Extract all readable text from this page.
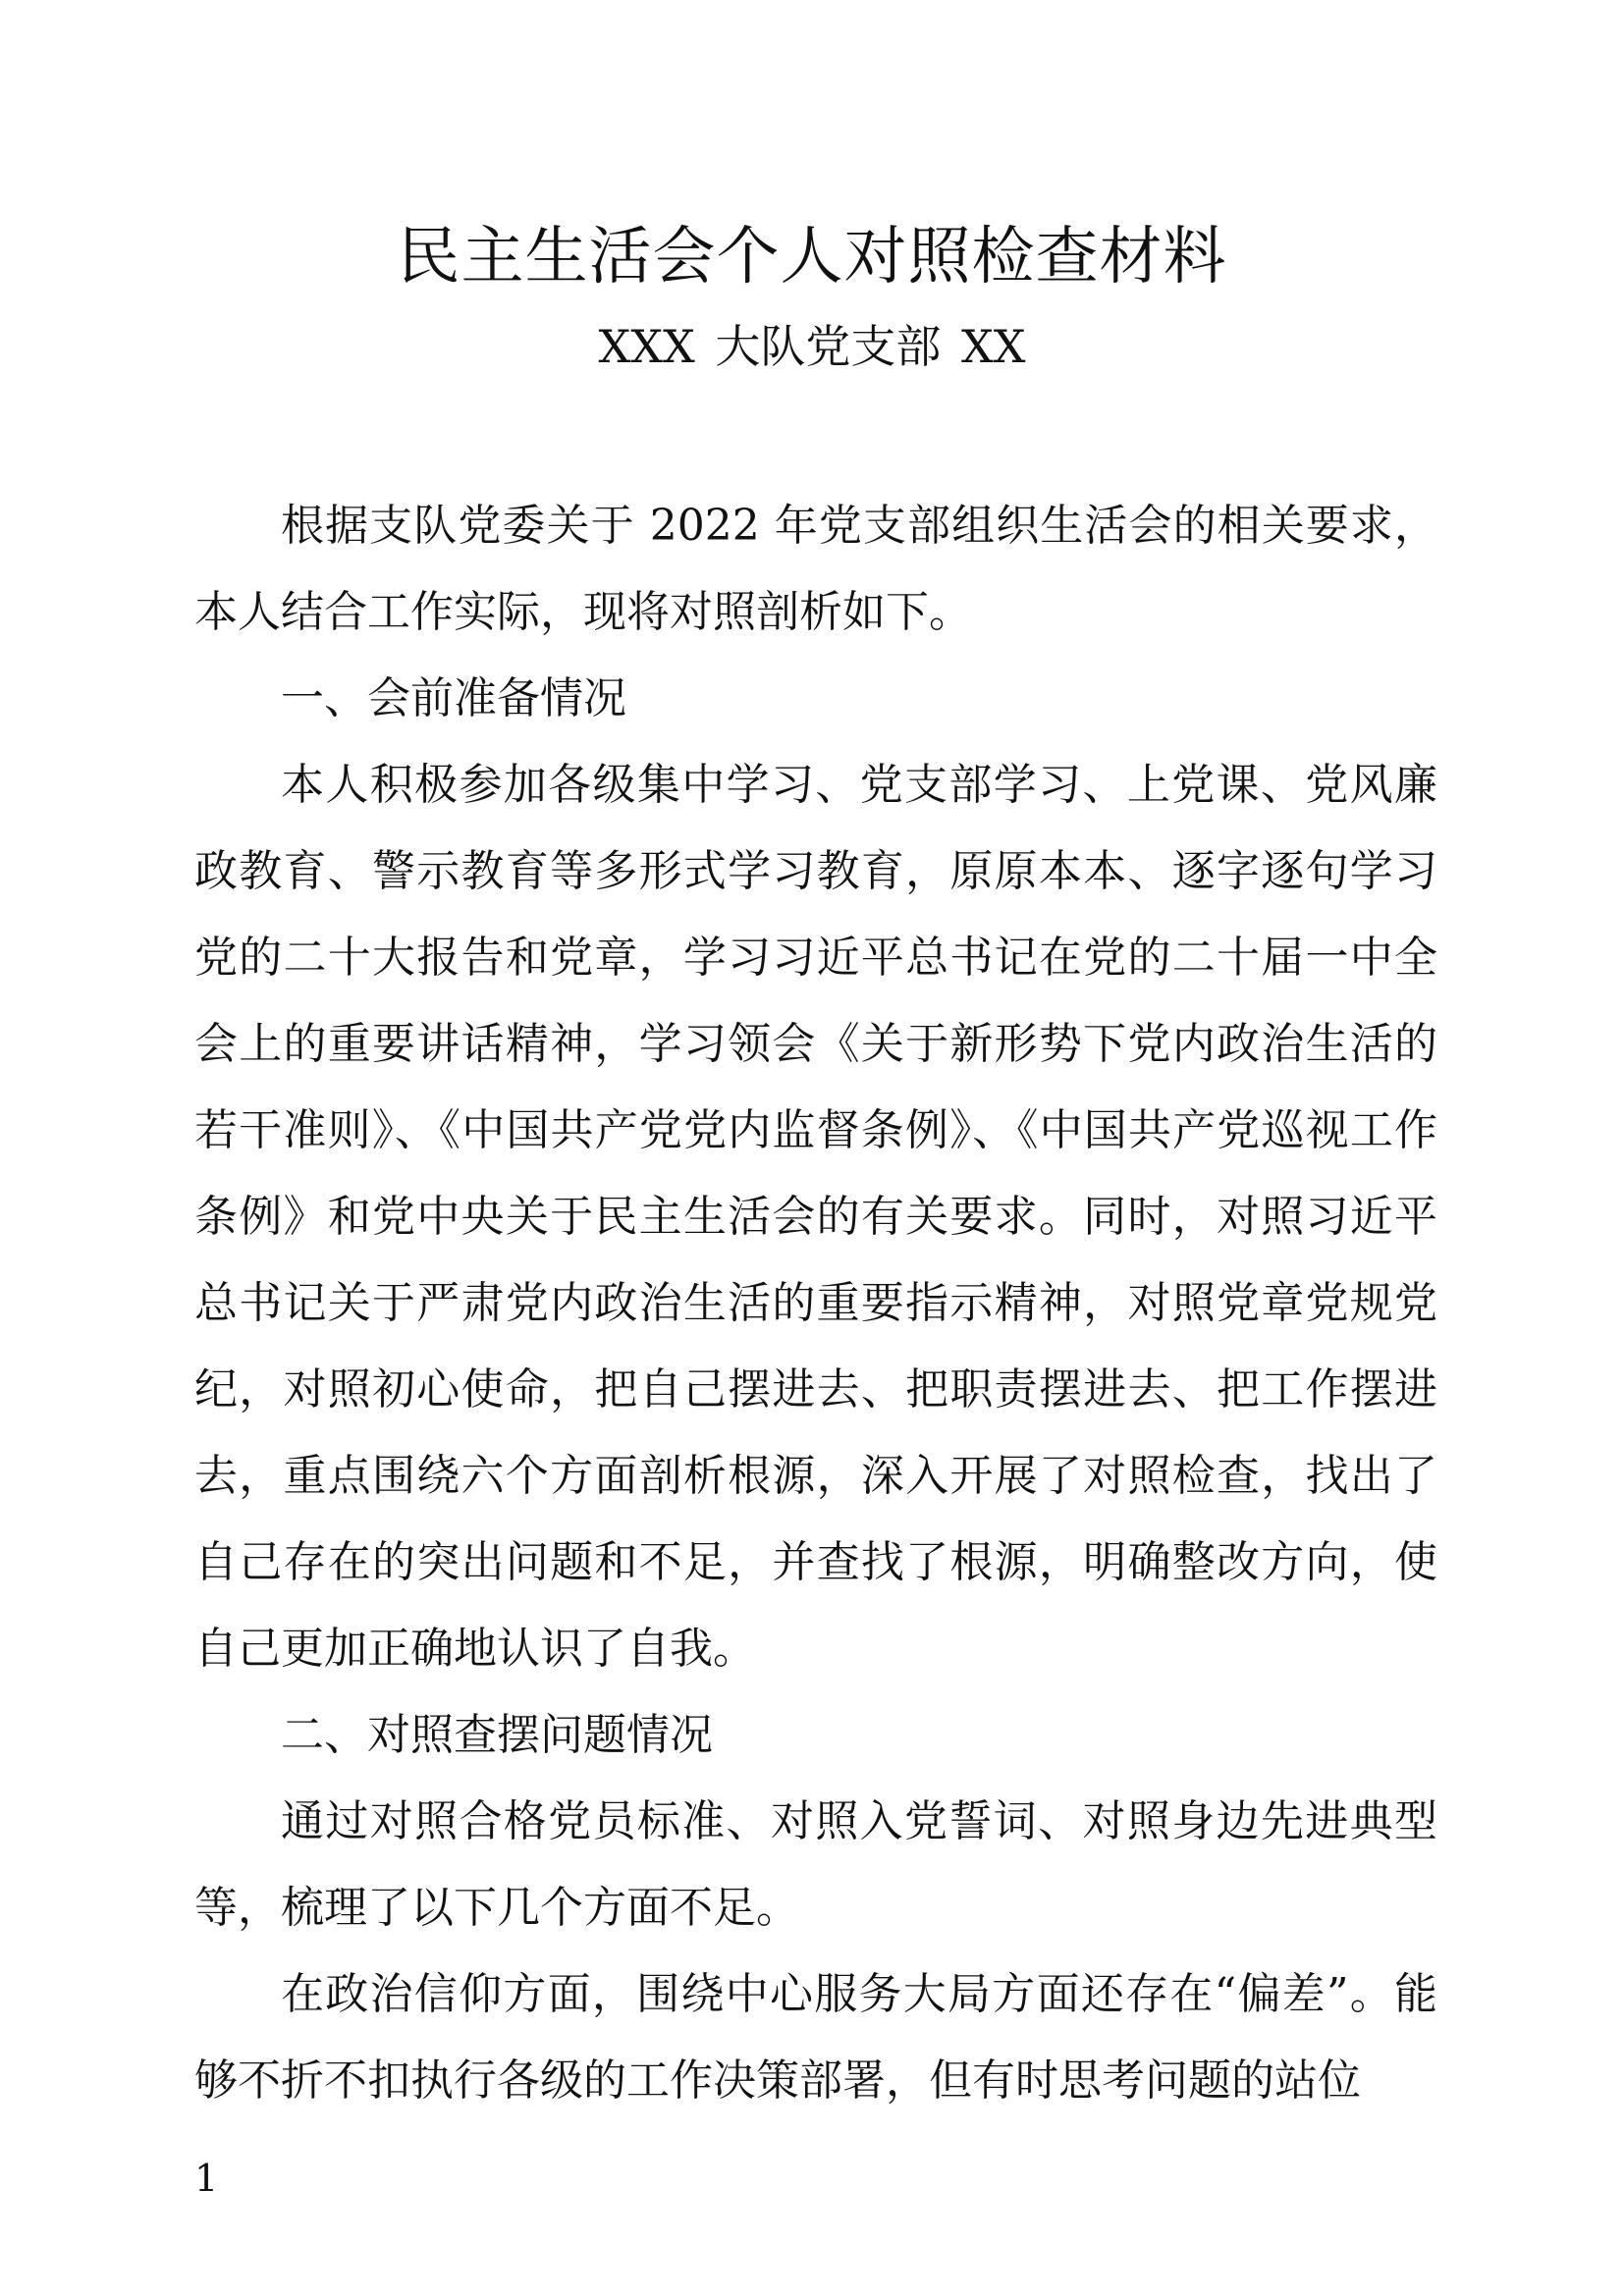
民主生活会个人对照检查材料
XXX 大队党支部 XX

根据支队党委关于 2022 年党支部组织生活会的相关要求，本人结合工作实际，现将对照剖析如下。

一、会前准备情况

本人积极参加各级集中学习、党支部学习、上党课、党风廉政教育、警示教育等多形式学习教育，原原本本、逐字逐句学习党的二十大报告和党章，学习习近平总书记在党的二十届一中全会上的重要讲话精神，学习领会《关于新形势下党内政治生活的若干准则》、《中国共产党党内监督条例》、《中国共产党巡视工作条例》和党中央关于民主生活会的有关要求。同时，对照习近平总书记关于严肃党内政治生活的重要指示精神，对照党章党规党纪，对照初心使命，把自己摆进去、把职责摆进去、把工作摆进去，重点围绕六个方面剖析根源，深入开展了对照检查，找出了自己存在的突出问题和不足，并查找了根源，明确整改方向，使自己更加正确地认识了自我。

二、对照查摆问题情况

通过对照合格党员标准、对照入党誓词、对照身边先进典型等，梳理了以下几个方面不足。

在政治信仰方面，围绕中心服务大局方面还存在“偏差”。能够不折不扣执行各级的工作决策部署，但有时思考问题的站位

1
